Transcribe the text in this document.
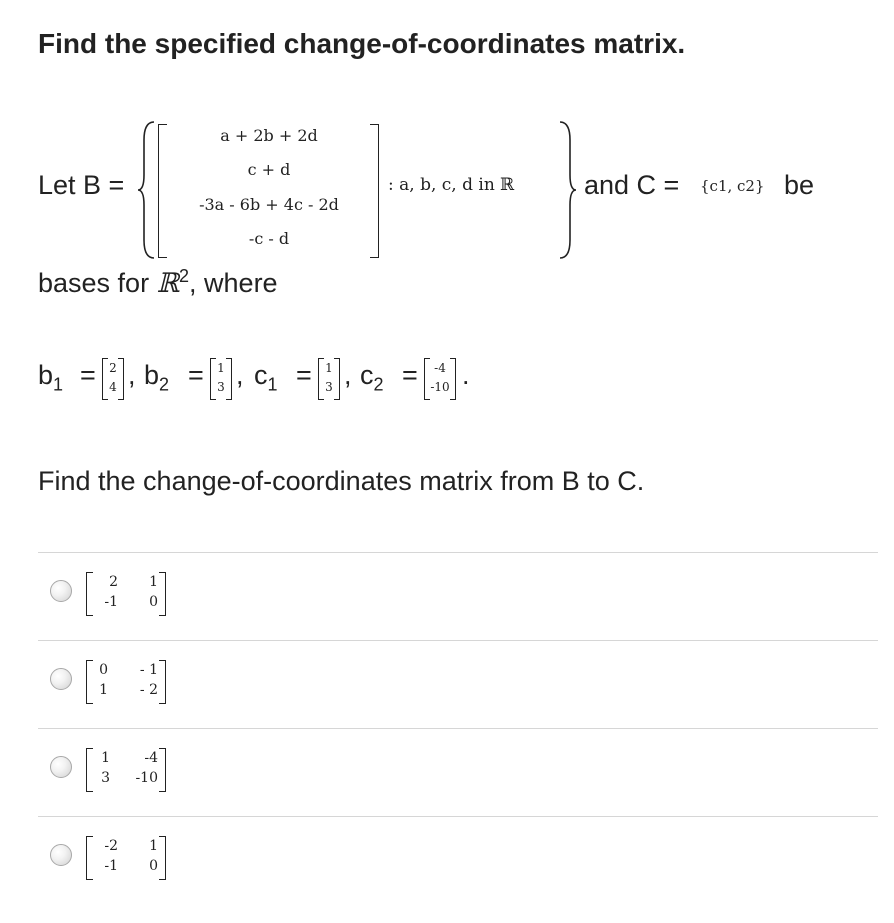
Find the specified change-of-coordinates matrix.
Let B =
a + 2b + 2d
c + d
-3a - 6b + 4c - 2d
-c - d
: a, b, c, d in ℝ	and C = {c1, c2} be
bases for ℝ$^2$, where
$b_1$ =	2
4 , $b_2$ =	1
3 , $c_1$ =	1
3 , $c_2$ =	-4
-10 .
Find the change-of-coordinates matrix from B to C.
2	1
-1	0
0	- 1
1	- 2
1	-4
3	-10
-2	1
-1	0
